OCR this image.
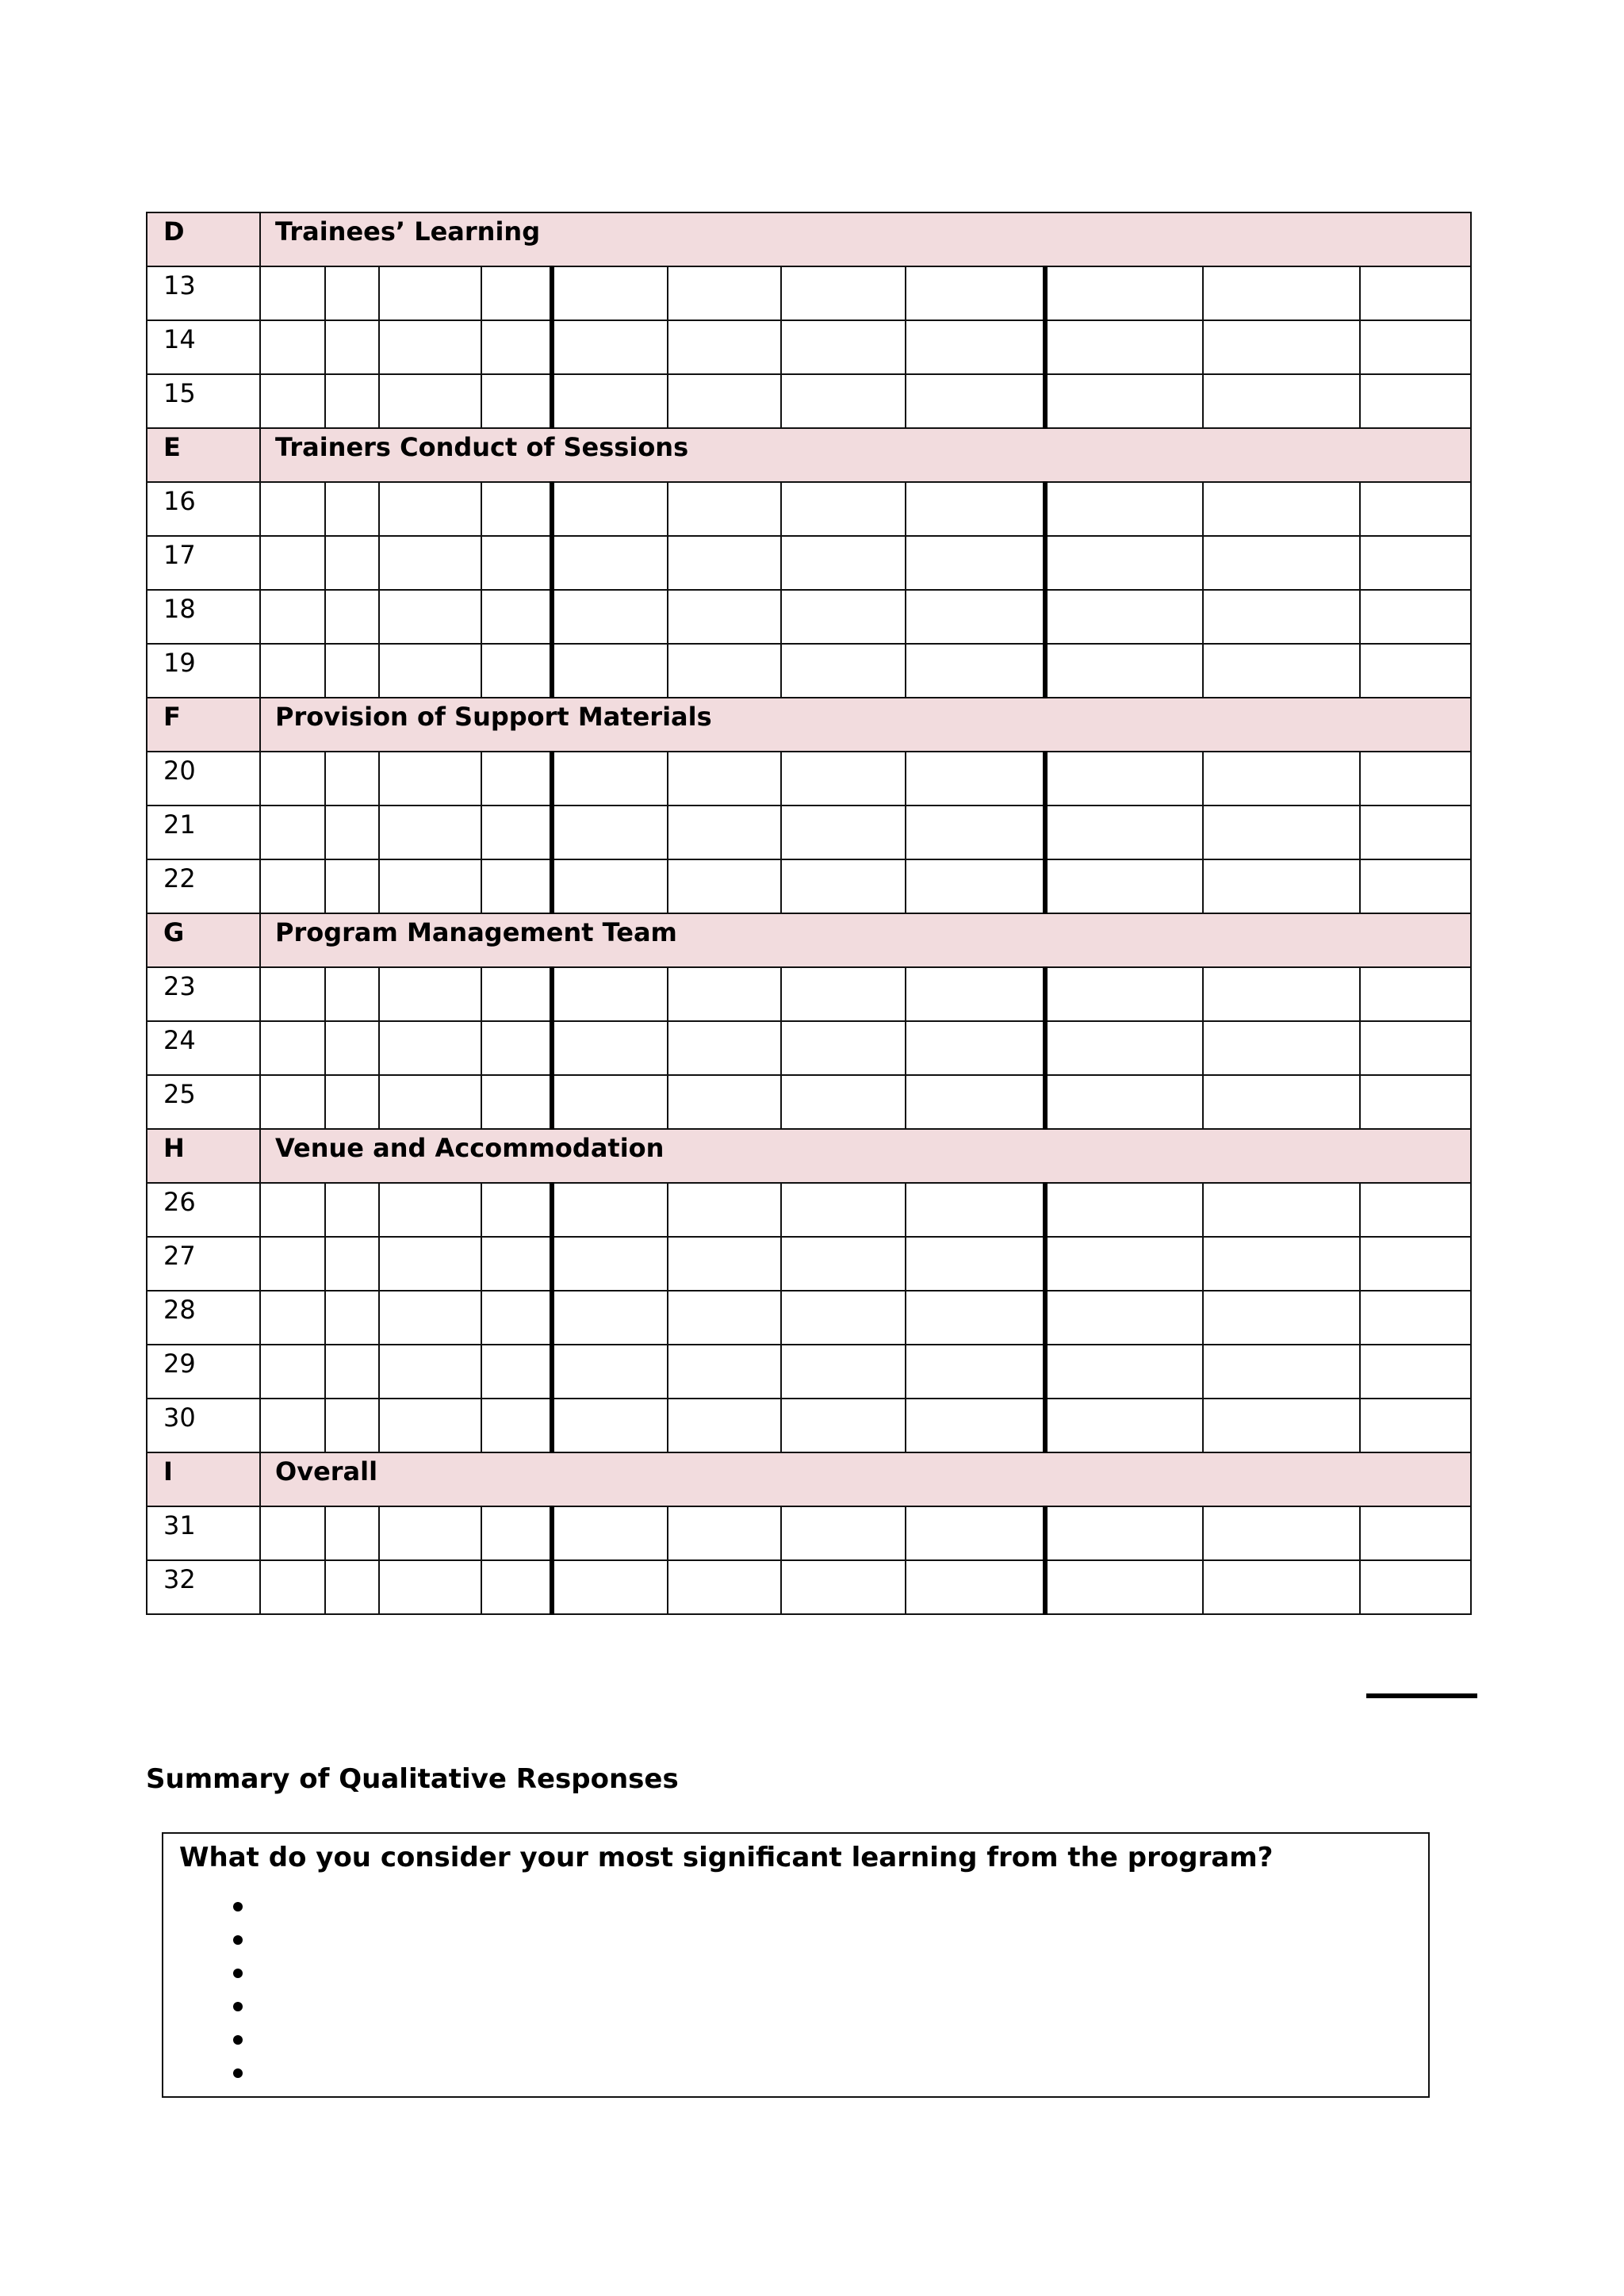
D	Trainees’ Learning										
13											
14											
15											
E	Trainers Conduct of Sessions										
16											
17											
18											
19											
F	Provision of Support Materials										
20											
21											
22											
G	Program Management Team										
23											
24											
25											
H	Venue and Accommodation										
26											
27											
28											
29											
30											
I	Overall										
31											
32											
Summary of Qualitative Responses

What do you consider your most significant learning from the program?
